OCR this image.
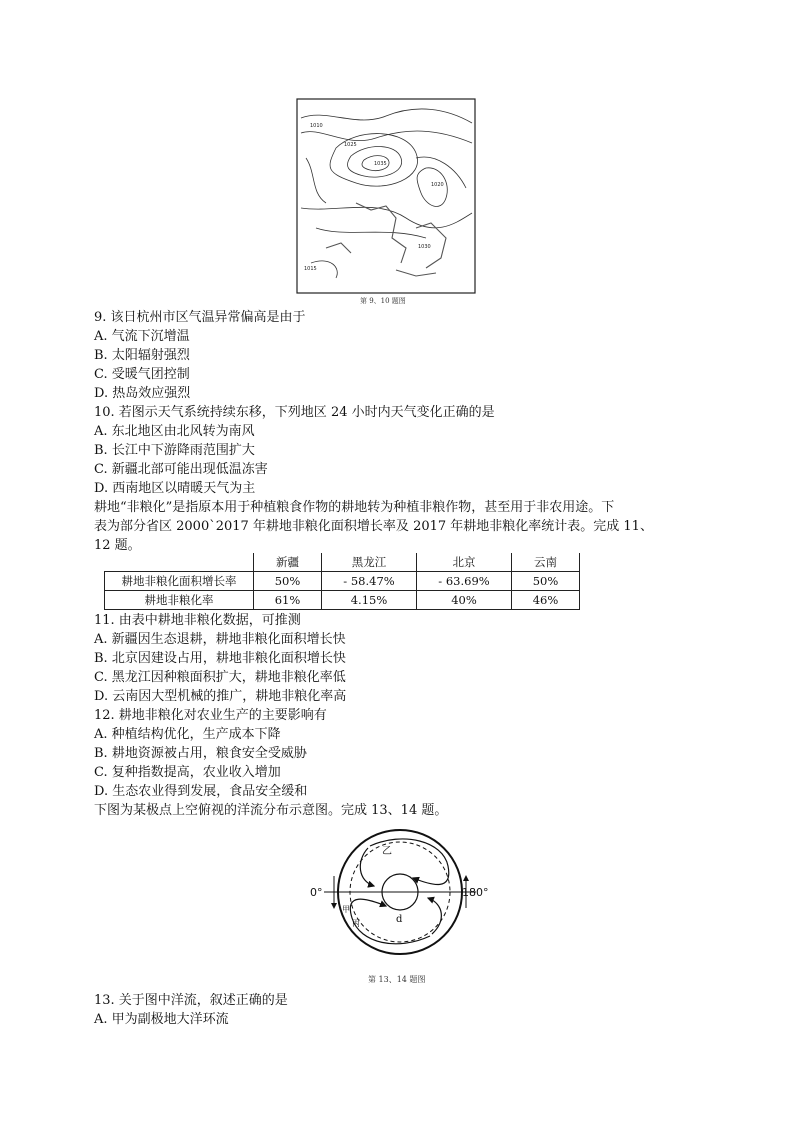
1010
1025
1035
1020
1015
1030
第 9、10 题图
9. 该日杭州市区气温异常偏高是由于
A. 气流下沉增温
B. 太阳辐射强烈
C. 受暖气团控制
D. 热岛效应强烈
10. 若图示天气系统持续东移，下列地区 24 小时内天气变化正确的是
A. 东北地区由北风转为南风
B. 长江中下游降雨范围扩大
C. 新疆北部可能出现低温冻害
D. 西南地区以晴暖天气为主
耕地“非粮化”是指原本用于种植粮食作物的耕地转为种植非粮作物，甚至用于非农用途。下
表为部分省区 2000`2017 年耕地非粮化面积增长率及 2017 年耕地非粮化率统计表。完成 11、
12 题。
	新疆	黑龙江	北京	云南
耕地非粮化面积增长率	50%	- 58.47%	- 63.69%	50%
耕地非粮化率	61%	4.15%	40%	46%
11. 由表中耕地非粮化数据，可推测
A. 新疆因生态退耕，耕地非粮化面积增长快
B. 北京因建设占用，耕地非粮化面积增长快
C. 黑龙江因种粮面积扩大，耕地非粮化率低
D. 云南因大型机械的推广，耕地非粮化率高
12. 耕地非粮化对农业生产的主要影响有
A. 种植结构优化，生产成本下降
B. 耕地资源被占用，粮食安全受威胁
C. 复种指数提高，农业收入增加
D. 生态农业得到发展，食品安全缓和
下图为某极点上空俯视的洋流分布示意图。完成 13、14 题。
0°	180°
乙
甲
丙	d
第 13、14 题图
13. 关于图中洋流，叙述正确的是
A. 甲为副极地大洋环流
